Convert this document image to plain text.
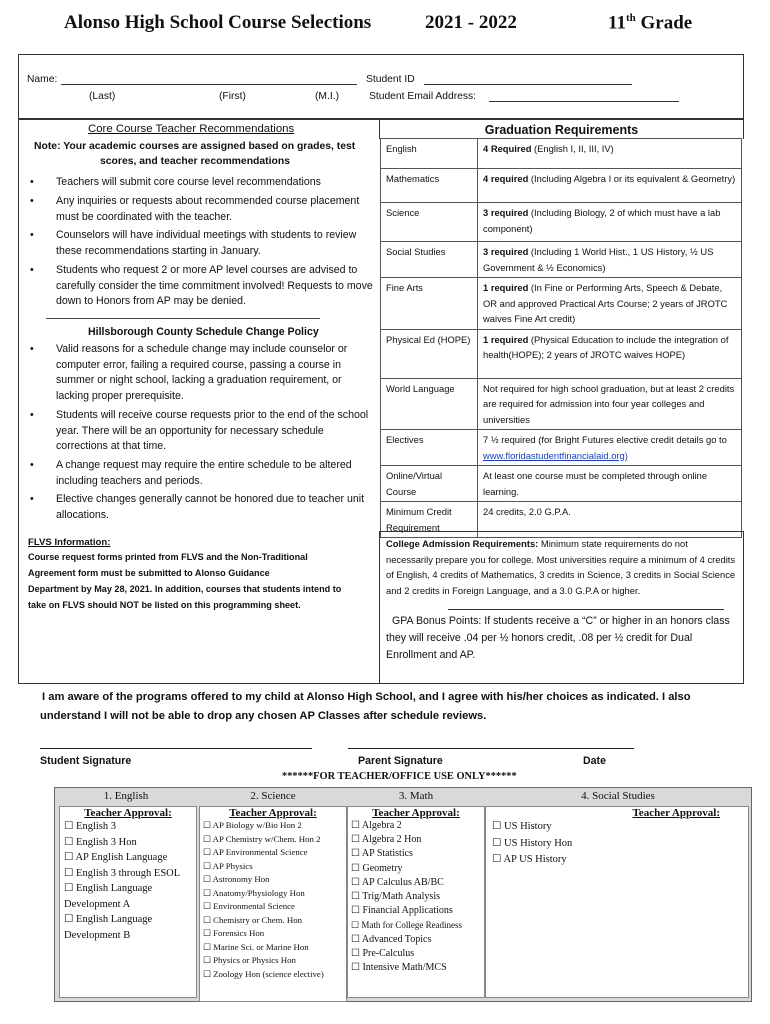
Alonso High School Course Selections	2021 - 2022	11th Grade
Name:
(Last)	(First)	(M.I.)
Student ID
Student Email Address:
Core Course Teacher Recommendations
Note: Your academic courses are assigned based on grades, test
scores, and teacher recommendations
• Teachers will submit core course level recommendations
• Any inquiries or requests about recommended course placement must be coordinated with the teacher.
• Counselors will have individual meetings with students to review these recommendations starting in January.
• Students who request 2 or more AP level courses are advised to carefully consider the time commitment involved! Requests to move down to Honors from AP may be denied.
Hillsborough County Schedule Change Policy
• Valid reasons for a schedule change may include counselor or computer error, failing a required course, passing a course in summer or night school, lacking a graduation requirement, or lacking proper prerequisite.
• Students will receive course requests prior to the end of the school year. There will be an opportunity for necessary schedule corrections at that time.
• A change request may require the entire schedule to be altered including teachers and periods.
• Elective changes generally cannot be honored due to teacher unit allocations.
FLVS Information:
Course request forms printed from FLVS and the Non-Traditional
Agreement form must be submitted to Alonso Guidance
Department by May 28, 2021. In addition, courses that students intend to
take on FLVS should NOT be listed on this programming sheet.
Graduation Requirements
English	4 Required (English I, II, III, IV)
Mathematics	4 required (Including Algebra I or its equivalent & Geometry)
Science	3 required (Including Biology, 2 of which must have a lab component)
Social Studies	3 required (Including 1 World Hist., 1 US History, ½ US Government & ½ Economics)
Fine Arts	1 required (In Fine or Performing Arts, Speech & Debate, OR and approved Practical Arts Course; 2 years of JROTC waives Fine Art credit)
Physical Ed (HOPE)	1 required (Physical Education to include the integration of health(HOPE); 2 years of JROTC waives HOPE)
World Language	Not required for high school graduation, but at least 2 credits are required for admission into four year colleges and universities
Electives	7 ½ required (for Bright Futures elective credit details go to www.floridastudentfinancialaid.org)
Online/Virtual Course	At least one course must be completed through online learning.
Minimum Credit Requirement	24 credits, 2.0 G.P.A.
College Admission Requirements: Minimum state requirements do not necessarily prepare you for college. Most universities require a minimum of 4 credits of English, 4 credits of Mathematics, 3 credits in Science, 3 credits in Social Science and 2 credits in Foreign Language, and a 3.0 G.P.A or higher.
GPA Bonus Points: If students receive a “C” or higher in an honors class they will receive .04 per ½ honors credit, .08 per ½ credit for Dual Enrollment and AP.
I am aware of the programs offered to my child at Alonso High School, and I agree with his/her choices as indicated. I also understand I will not be able to drop any chosen AP Classes after schedule reviews.
Student Signature	Parent Signature	Date
******FOR TEACHER/OFFICE USE ONLY******
1. English	2. Science	3. Math	4. Social Studies
Teacher Approval:
☐ English 3
☐ English 3 Hon
☐ AP English Language
☐ English 3 through ESOL
☐ English Language Development A
☐ English Language Development B
Teacher Approval:
☐ AP Biology w/Bio Hon 2
☐ AP Chemistry w/Chem. Hon 2
☐ AP Environmental Science
☐ AP Physics
☐ Astronomy Hon
☐ Anatomy/Physiology Hon
☐ Environmental Science
☐ Chemistry or Chem. Hon
☐ Forensics Hon
☐ Marine Sci. or Marine Hon
☐ Physics or Physics Hon
☐ Zoology Hon (science elective)
Teacher Approval:
☐ Algebra 2
☐ Algebra 2 Hon
☐ AP Statistics
☐ Geometry
☐ AP Calculus AB/BC
☐ Trig/Math Analysis
☐ Financial Applications
☐ Math for College Readiness
☐ Advanced Topics
☐ Pre-Calculus
☐ Intensive Math/MCS
Teacher Approval:
☐ US History
☐ US History Hon
☐ AP US History
